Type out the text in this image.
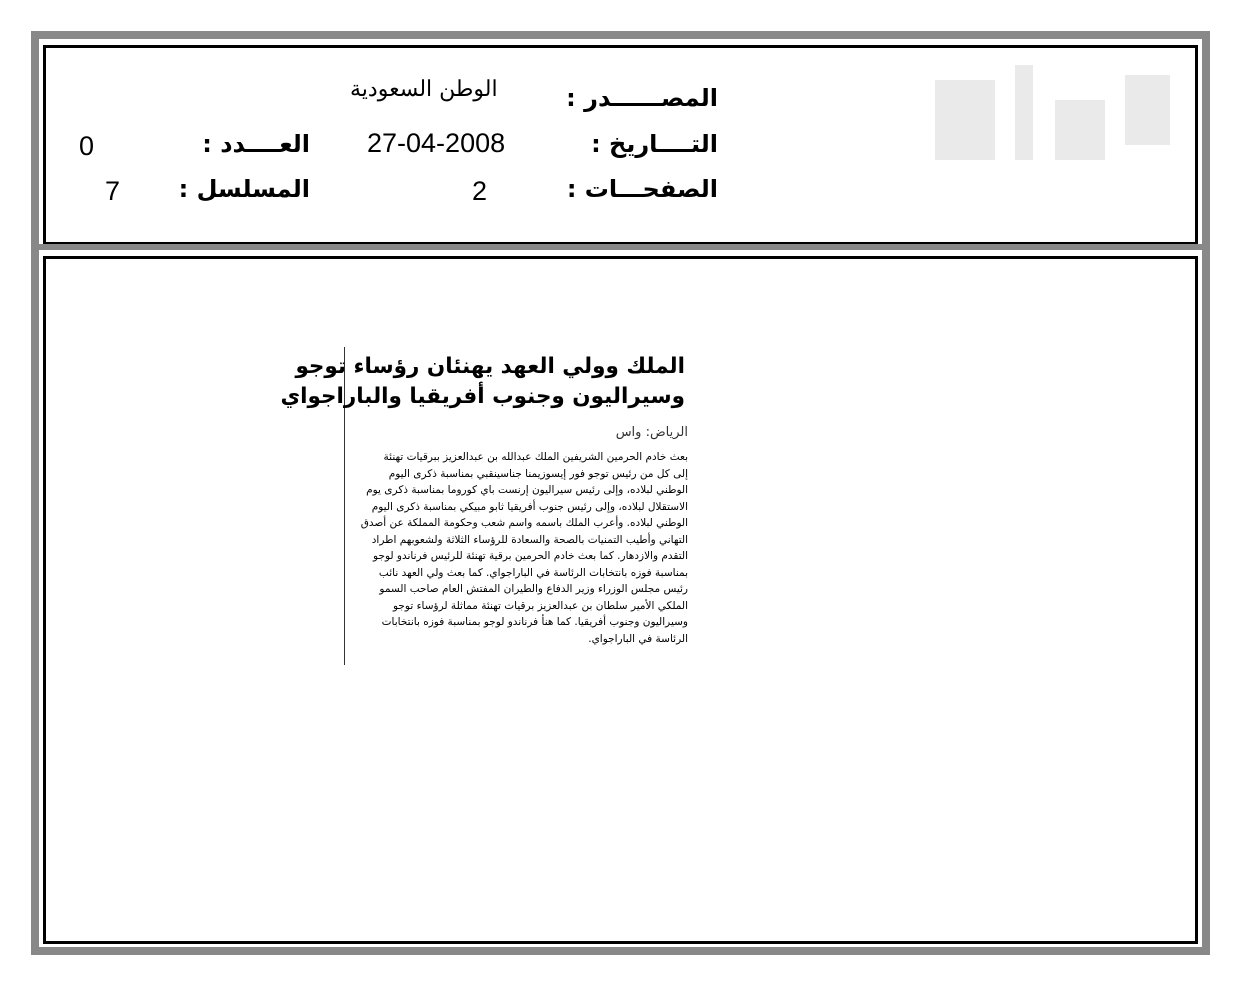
المصــــــدر :
الوطن السعودية
التــــاريخ :
27-04-2008
الصفحـــات :
2
العــــدد :
0
المسلسل :
7
الملك وولي العهد يهنئان رؤساء توجو
وسيراليون وجنوب أفريقيا والباراجواي
الرياض: واس
بعث خادم الحرمين الشريفين الملك عبدالله بن عبدالعزيز ببرقيات تهنئة
إلى كل من رئيس توجو فور إيسوزيمنا جناسينقبي بمناسبة ذكرى اليوم
الوطني لبلاده، وإلى رئيس سيراليون إرنست باي كوروما بمناسبة ذكرى يوم
الاستقلال لبلاده، وإلى رئيس جنوب أفريقيا ثابو مبيكي بمناسبة ذكرى اليوم
الوطني لبلاده. وأعرب الملك باسمه واسم شعب وحكومة المملكة عن أصدق
التهاني وأطيب التمنيات بالصحة والسعادة للرؤساء الثلاثة ولشعوبهم اطراد
التقدم والازدهار. كما بعث خادم الحرمين برقية تهنئة للرئيس فرناندو لوجو
بمناسبة فوزه بانتخابات الرئاسة في الباراجواي. كما بعث ولي العهد نائب
رئيس مجلس الوزراء وزير الدفاع والطيران المفتش العام صاحب السمو
الملكي الأمير سلطان بن عبدالعزيز برقيات تهنئة مماثلة لرؤساء توجو
وسيراليون وجنوب أفريقيا. كما هنأ فرناندو لوجو بمناسبة فوزه بانتخابات
الرئاسة في الباراجواي.
